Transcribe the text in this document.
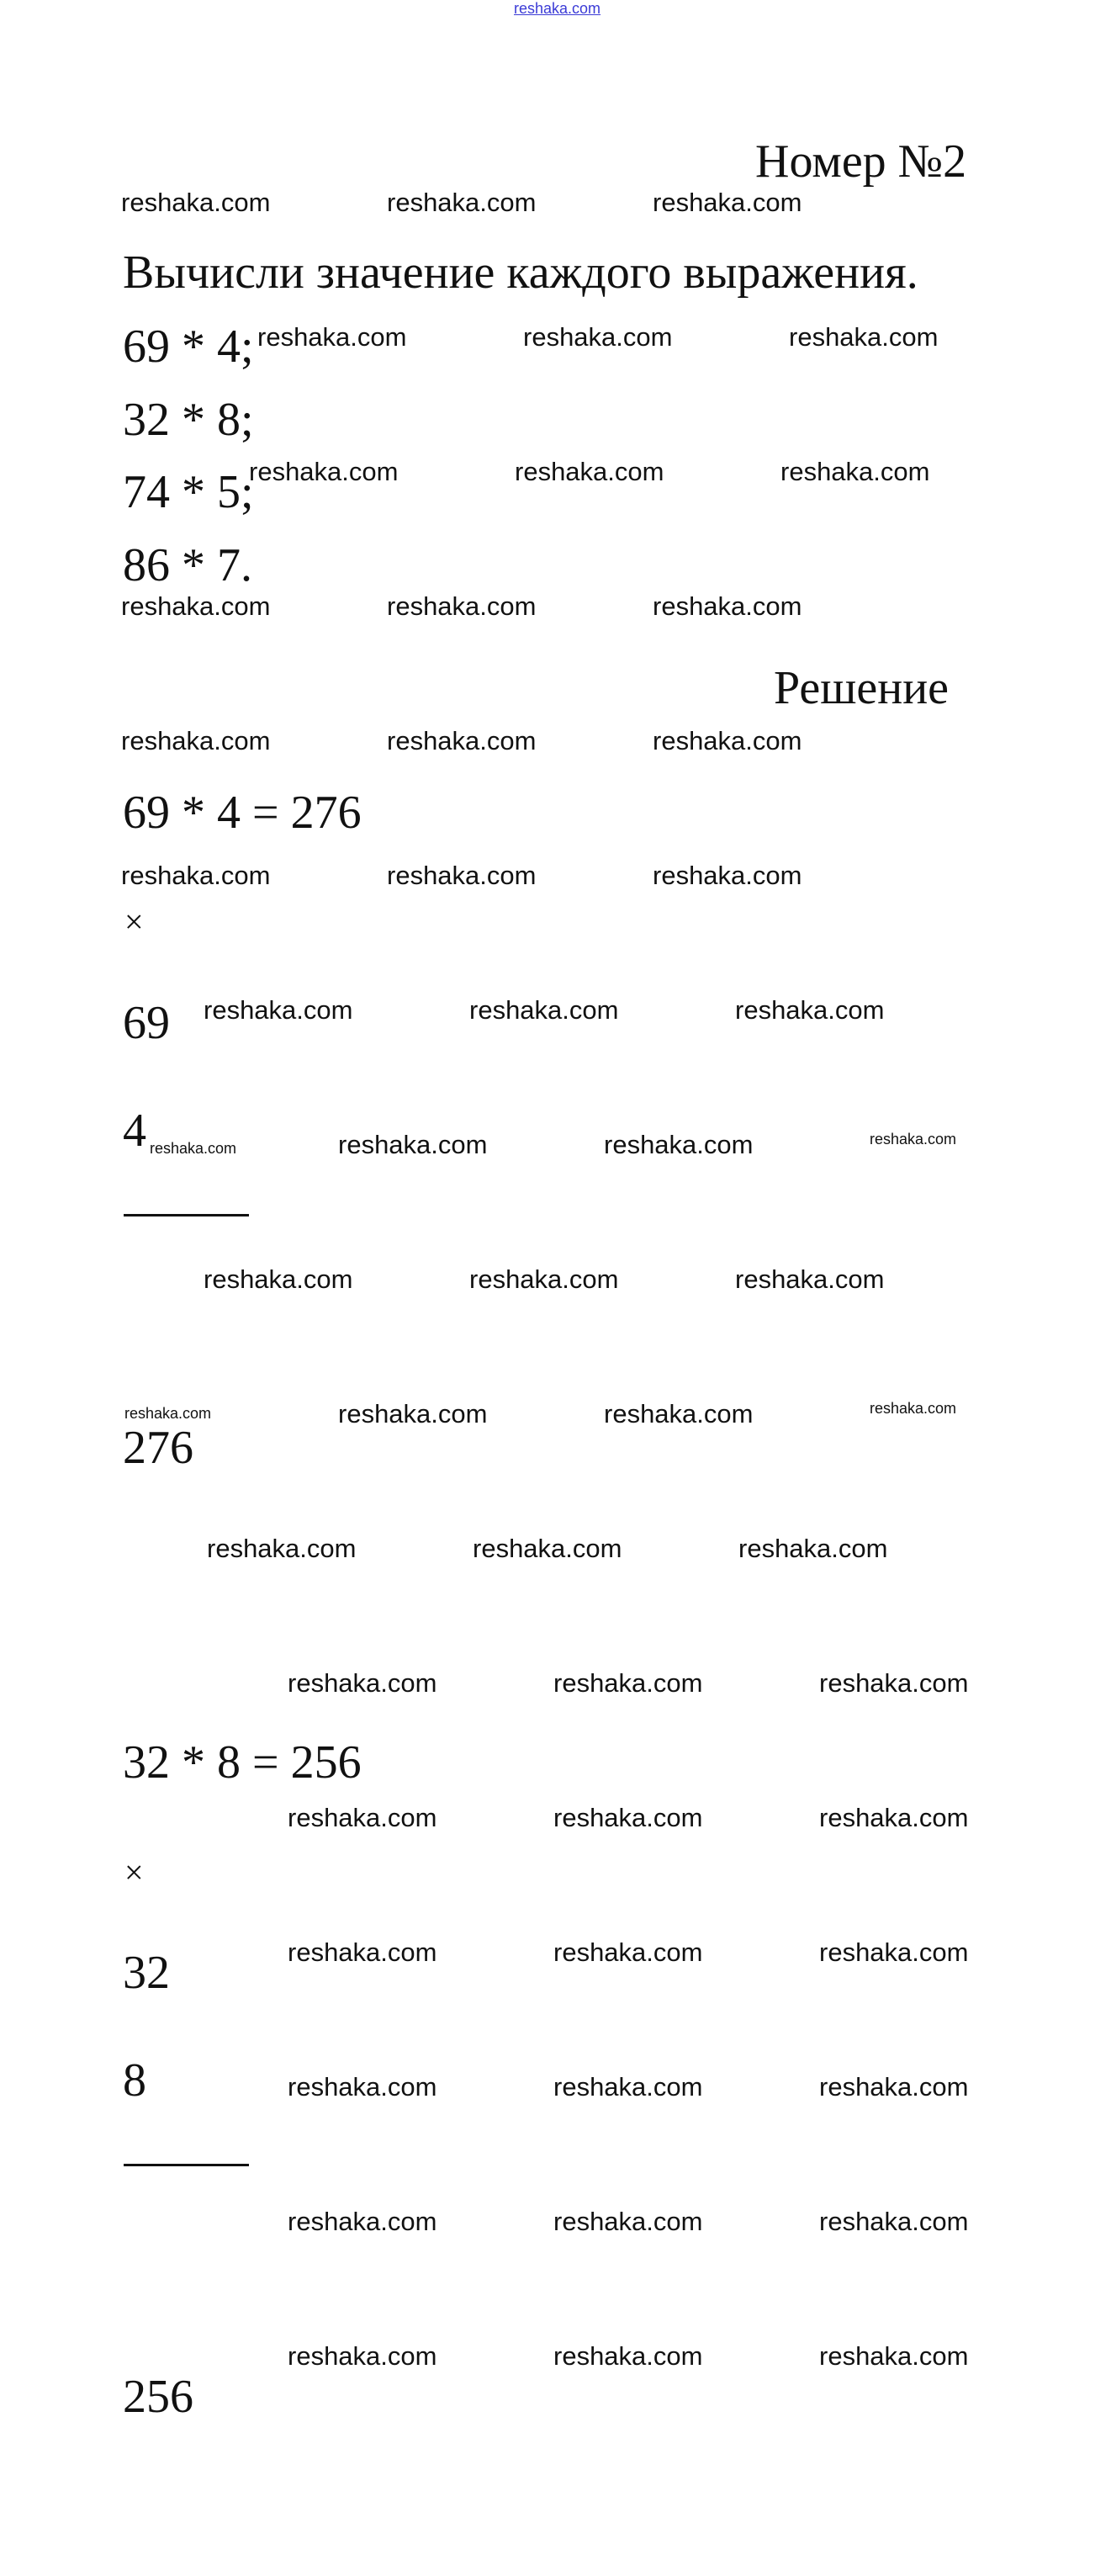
reshaka.com
Номер №2
Вычисли значение каждого выражения.
69 * 4;
32 * 8;
74 * 5;
86 * 7.
Решение
69 * 4 = 276
×
69
4
276
32 * 8 = 256
×
32
8
256
reshaka.com	reshaka.com	reshaka.com
reshaka.com	reshaka.com	reshaka.com
reshaka.com	reshaka.com	reshaka.com
reshaka.com	reshaka.com	reshaka.com
reshaka.com	reshaka.com	reshaka.com
reshaka.com	reshaka.com	reshaka.com
reshaka.com	reshaka.com	reshaka.com
reshaka.com	reshaka.com	reshaka.com	reshaka.com
reshaka.com	reshaka.com	reshaka.com
reshaka.com	reshaka.com	reshaka.com	reshaka.com
reshaka.com	reshaka.com	reshaka.com
reshaka.com	reshaka.com	reshaka.com
reshaka.com	reshaka.com	reshaka.com
reshaka.com	reshaka.com	reshaka.com
reshaka.com	reshaka.com	reshaka.com
reshaka.com	reshaka.com	reshaka.com
reshaka.com	reshaka.com	reshaka.com
